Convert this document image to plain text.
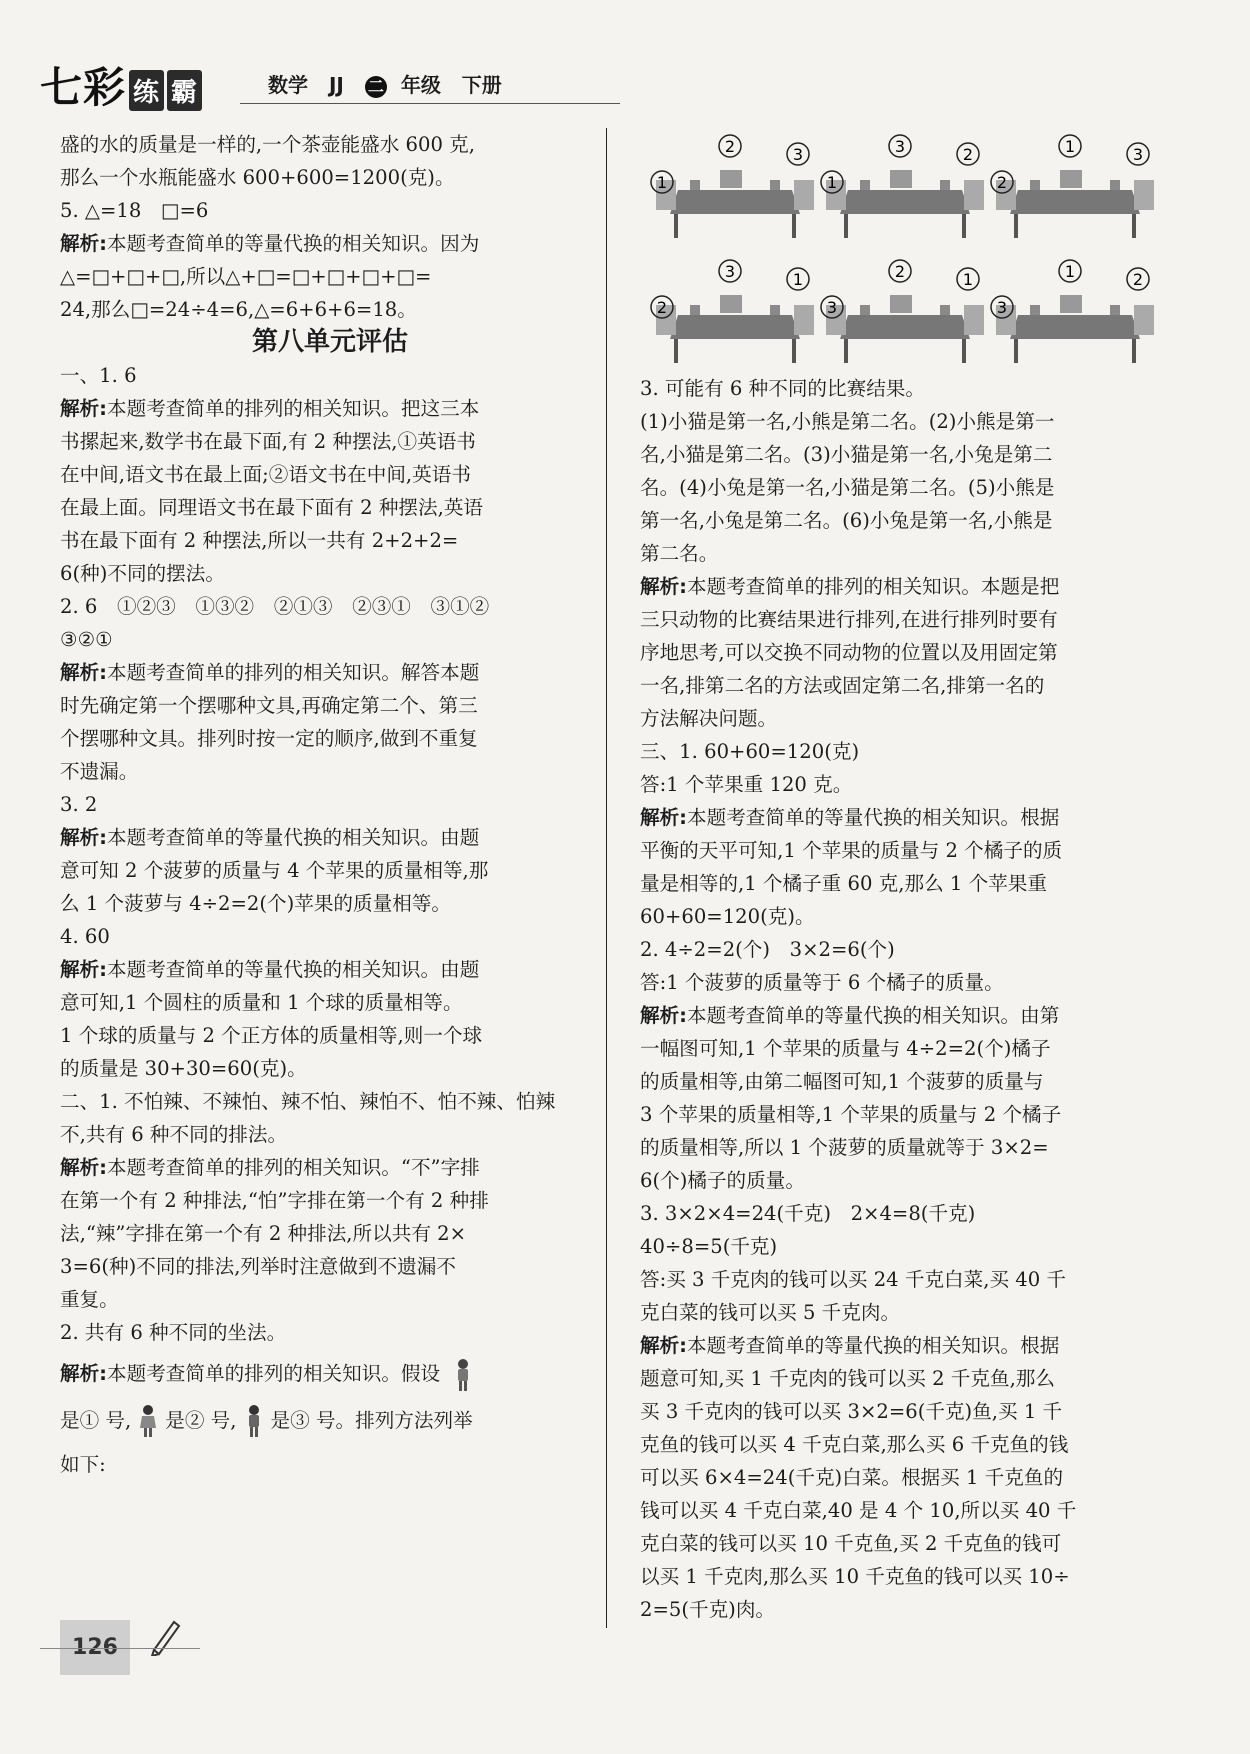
七彩 练 霸	数学 JJ 二 年级 下册

盛的水的质量是一样的,一个茶壶能盛水 600 克,

那么一个水瓶能盛水 600+600=1200(克)。

5. △=18　□=6

解析:本题考查简单的等量代换的相关知识。因为

△=□+□+□,所以△+□=□+□+□+□=

24,那么□=24÷4=6,△=6+6+6=18。

第八单元评估

一、1. 6

解析:本题考查简单的排列的相关知识。把这三本

书摞起来,数学书在最下面,有 2 种摆法,①英语书

在中间,语文书在最上面;②语文书在中间,英语书

在最上面。同理语文书在最下面有 2 种摆法,英语

书在最下面有 2 种摆法,所以一共有 2+2+2=

6(种)不同的摆法。

2. 6　①②③　①③②　②①③　②③①　③①②

③②①

解析:本题考查简单的排列的相关知识。解答本题

时先确定第一个摆哪种文具,再确定第二个、第三

个摆哪种文具。排列时按一定的顺序,做到不重复

不遗漏。

3. 2

解析:本题考查简单的等量代换的相关知识。由题

意可知 2 个菠萝的质量与 4 个苹果的质量相等,那

么 1 个菠萝与 4÷2=2(个)苹果的质量相等。

4. 60

解析:本题考查简单的等量代换的相关知识。由题

意可知,1 个圆柱的质量和 1 个球的质量相等。

1 个球的质量与 2 个正方体的质量相等,则一个球

的质量是 30+30=60(克)。

二、1. 不怕辣、不辣怕、辣不怕、辣怕不、怕不辣、怕辣

不,共有 6 种不同的排法。

解析:本题考查简单的排列的相关知识。“不”字排

在第一个有 2 种排法,“怕”字排在第一个有 2 种排

法,“辣”字排在第一个有 2 种排法,所以共有 2×

3=6(种)不同的排法,列举时注意做到不遗漏不

重复。

2. 共有 6 种不同的坐法。

解析:本题考查简单的排列的相关知识。假设

是① 号, 是② 号, 是③ 号。排列方法列举

如下:

2	3
1
3	2
1
1	3
2
3	1
2
2	1
3
1	2
3

3. 可能有 6 种不同的比赛结果。

(1)小猫是第一名,小熊是第二名。(2)小熊是第一

名,小猫是第二名。(3)小猫是第一名,小兔是第二

名。(4)小兔是第一名,小猫是第二名。(5)小熊是

第一名,小兔是第二名。(6)小兔是第一名,小熊是

第二名。

解析:本题考查简单的排列的相关知识。本题是把

三只动物的比赛结果进行排列,在进行排列时要有

序地思考,可以交换不同动物的位置以及用固定第

一名,排第二名的方法或固定第二名,排第一名的

方法解决问题。

三、1. 60+60=120(克)

答:1 个苹果重 120 克。

解析:本题考查简单的等量代换的相关知识。根据

平衡的天平可知,1 个苹果的质量与 2 个橘子的质

量是相等的,1 个橘子重 60 克,那么 1 个苹果重

60+60=120(克)。

2. 4÷2=2(个)　3×2=6(个)

答:1 个菠萝的质量等于 6 个橘子的质量。

解析:本题考查简单的等量代换的相关知识。由第

一幅图可知,1 个苹果的质量与 4÷2=2(个)橘子

的质量相等,由第二幅图可知,1 个菠萝的质量与

3 个苹果的质量相等,1 个苹果的质量与 2 个橘子

的质量相等,所以 1 个菠萝的质量就等于 3×2=

6(个)橘子的质量。

3. 3×2×4=24(千克)　2×4=8(千克)

40÷8=5(千克)

答:买 3 千克肉的钱可以买 24 千克白菜,买 40 千

克白菜的钱可以买 5 千克肉。

解析:本题考查简单的等量代换的相关知识。根据

题意可知,买 1 千克肉的钱可以买 2 千克鱼,那么

买 3 千克肉的钱可以买 3×2=6(千克)鱼,买 1 千

克鱼的钱可以买 4 千克白菜,那么买 6 千克鱼的钱

可以买 6×4=24(千克)白菜。根据买 1 千克鱼的

钱可以买 4 千克白菜,40 是 4 个 10,所以买 40 千

克白菜的钱可以买 10 千克鱼,买 2 千克鱼的钱可

以买 1 千克肉,那么买 10 千克鱼的钱可以买 10÷

2=5(千克)肉。

126
